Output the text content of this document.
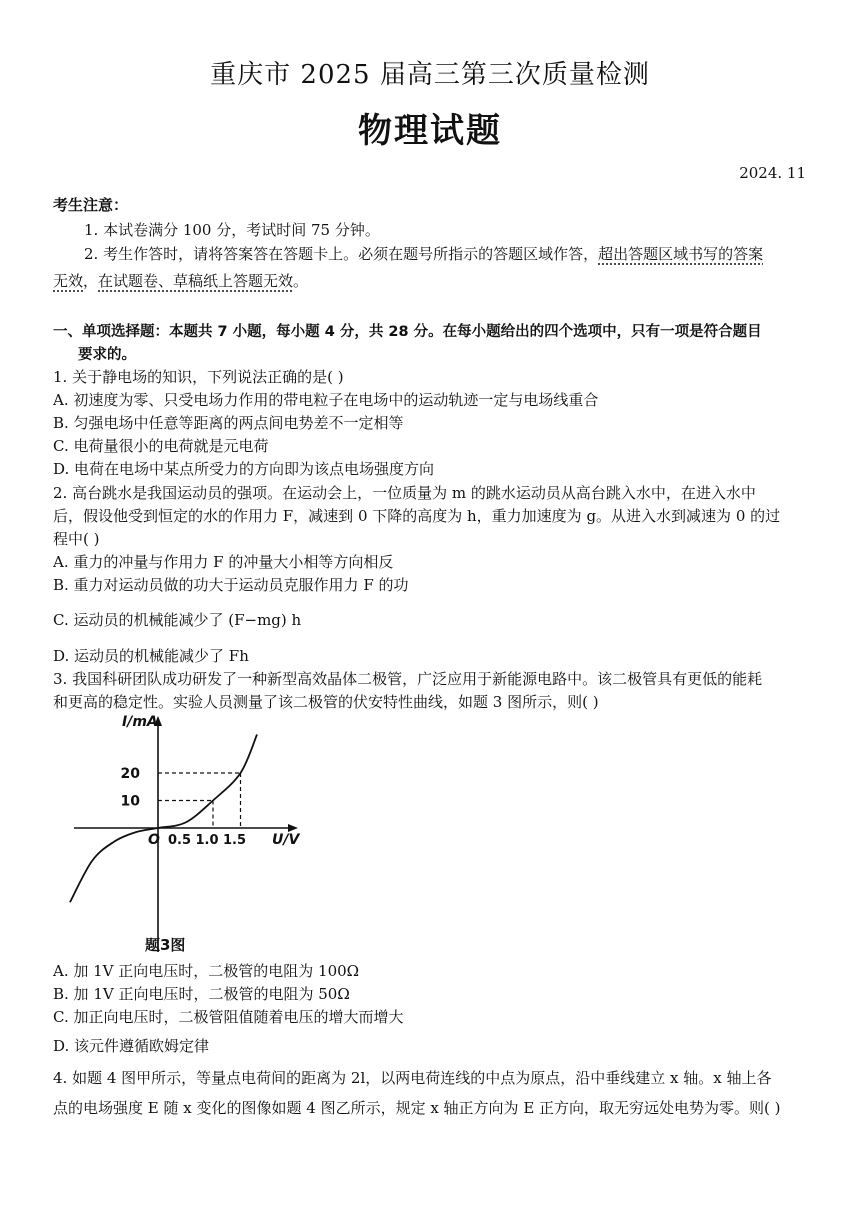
重庆市 2025 届高三第三次质量检测
物理试题
2024. 11
考生注意：
1. 本试卷满分 100 分，考试时间 75 分钟。
2. 考生作答时，请将答案答在答题卡上。必须在题号所指示的答题区域作答，超出答题区域书写的答案
无效，在试题卷、草稿纸上答题无效。
一、单项选择题：本题共 7 小题，每小题 4 分，共 28 分。在每小题给出的四个选项中，只有一项是符合题目
要求的。
1. 关于静电场的知识，下列说法正确的是( )
A. 初速度为零、只受电场力作用的带电粒子在电场中的运动轨迹一定与电场线重合
B. 匀强电场中任意等距离的两点间电势差不一定相等
C. 电荷量很小的电荷就是元电荷
D. 电荷在电场中某点所受力的方向即为该点电场强度方向
2. 高台跳水是我国运动员的强项。在运动会上，一位质量为 m 的跳水运动员从高台跳入水中，在进入水中
后，假设他受到恒定的水的作用力 F，减速到 0 下降的高度为 h，重力加速度为 g。从进入水到减速为 0 的过
程中( )
A. 重力的冲量与作用力 F 的冲量大小相等方向相反
B. 重力对运动员做的功大于运动员克服作用力 F 的功
C. 运动员的机械能减少了 (F−mg) h
D. 运动员的机械能减少了 Fh
3. 我国科研团队成功研发了一种新型高效晶体二极管，广泛应用于新能源电路中。该二极管具有更低的能耗
和更高的稳定性。实验人员测量了该二极管的伏安特性曲线，如题 3 图所示，则( )
I/mA
U/V
O
10
20
0.5 1.0 1.5
题3图
A. 加 1V 正向电压时，二极管的电阻为 100Ω
B. 加 1V 正向电压时，二极管的电阻为 50Ω
C. 加正向电压时，二极管阻值随着电压的增大而增大
D. 该元件遵循欧姆定律
4. 如题 4 图甲所示，等量点电荷间的距离为 2l，以两电荷连线的中点为原点，沿中垂线建立 x 轴。x 轴上各
点的电场强度 E 随 x 变化的图像如题 4 图乙所示，规定 x 轴正方向为 E 正方向，取无穷远处电势为零。则( )
